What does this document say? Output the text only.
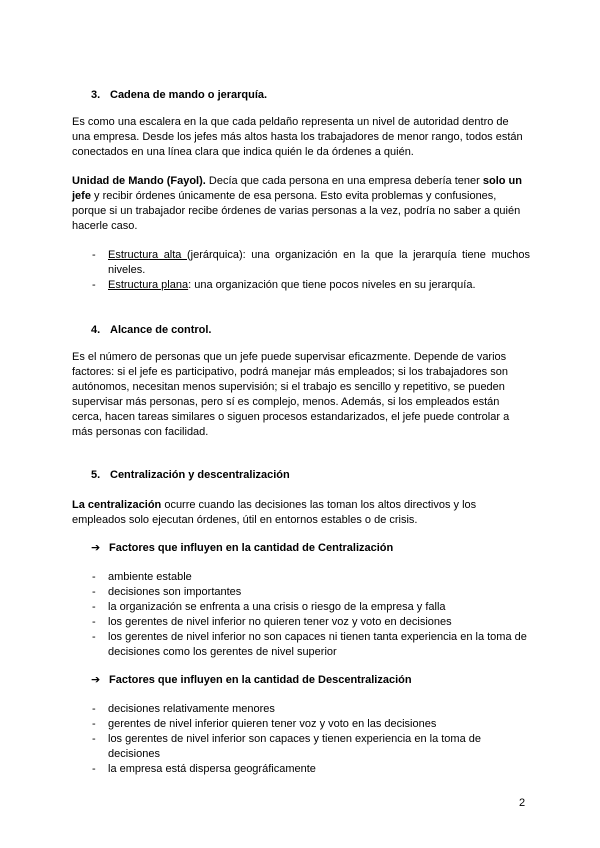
3. Cadena de mando o jerarquía.

Es como una escalera en la que cada peldaño representa un nivel de autoridad dentro de una empresa. Desde los jefes más altos hasta los trabajadores de menor rango, todos están conectados en una línea clara que indica quién le da órdenes a quién.

Unidad de Mando (Fayol). Decía que cada persona en una empresa debería tener solo un jefe y recibir órdenes únicamente de esa persona. Esto evita problemas y confusiones, porque si un trabajador recibe órdenes de varias personas a la vez, podría no saber a quién hacerle caso.

- Estructura alta (jerárquica): una organización en la que la jerarquía tiene muchos niveles.
- Estructura plana: una organización que tiene pocos niveles en su jerarquía.
4. Alcance de control.

Es el número de personas que un jefe puede supervisar eficazmente. Depende de varios factores: si el jefe es participativo, podrá manejar más empleados; si los trabajadores son autónomos, necesitan menos supervisión; si el trabajo es sencillo y repetitivo, se pueden supervisar más personas, pero sí es complejo, menos. Además, si los empleados están cerca, hacen tareas similares o siguen procesos estandarizados, el jefe puede controlar a más personas con facilidad.

5. Centralización y descentralización

La centralización ocurre cuando las decisiones las toman los altos directivos y los empleados solo ejecutan órdenes, útil en entornos estables o de crisis.

➔ Factores que influyen en la cantidad de Centralización
- ambiente estable
- decisiones son importantes
- la organización se enfrenta a una crisis o riesgo de la empresa y falla
- los gerentes de nivel inferior no quieren tener voz y voto en decisiones
- los gerentes de nivel inferior no son capaces ni tienen tanta experiencia en la toma de decisiones como los gerentes de nivel superior
➔ Factores que influyen en la cantidad de Descentralización
- decisiones relativamente menores
- gerentes de nivel inferior quieren tener voz y voto en las decisiones
- los gerentes de nivel inferior son capaces y tienen experiencia en la toma de decisiones
- la empresa está dispersa geográficamente
2
